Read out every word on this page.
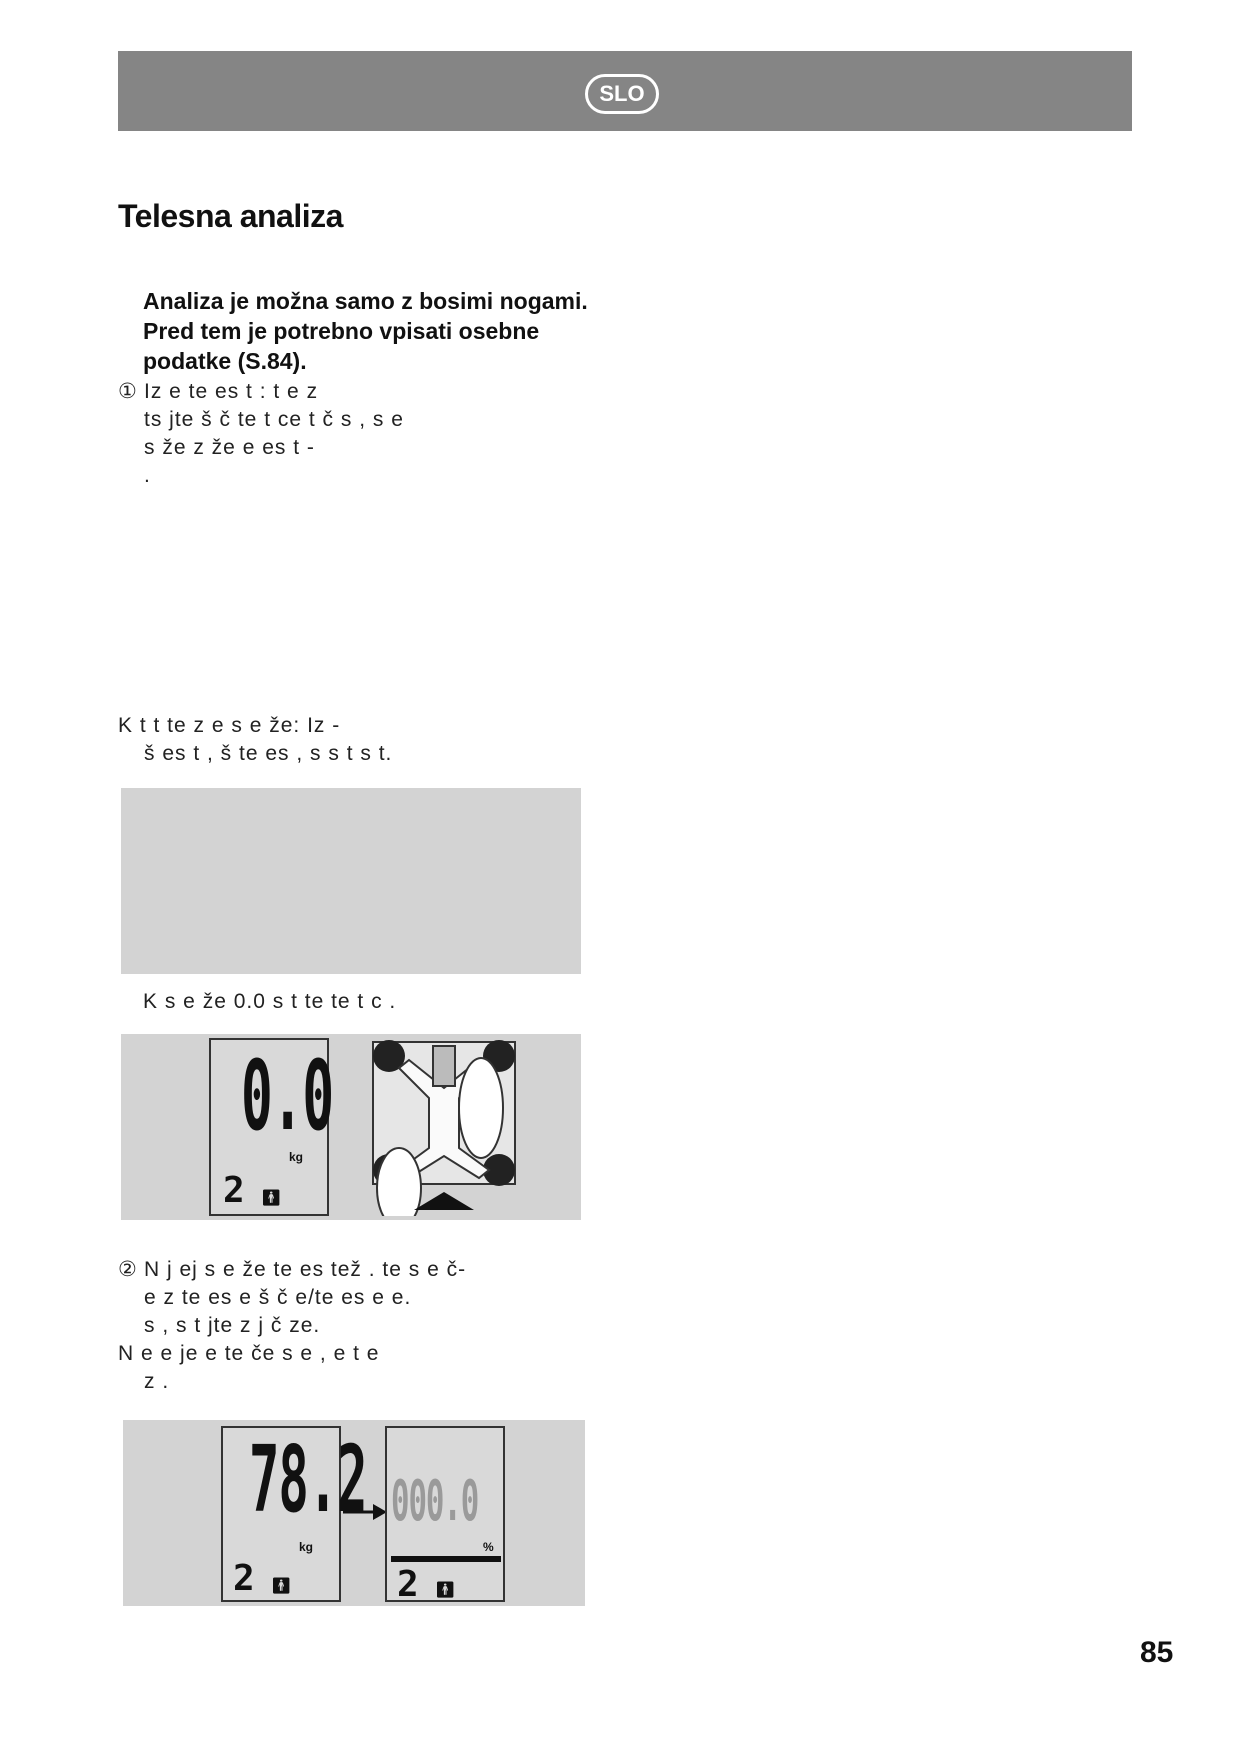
SLO
Telesna analiza
Analiza je možna samo z bosimi nogami. Pred tem je potrebno vpisati osebne podatke (S.84).
① Iz e te es t : t e z
ts jte š č te t ce t č s , s e
s že z že e es t -
.
K t t te z e s e že: Iz -
š es t , š te es , s s t s t.
K s e že 0.0 s t te te t c .
0.0
kg
2 🚹︎
② N j ej s e že te es tež . te s e č-
e z te es e š č e/te es e e.
s , s t jte z j č ze.
N e e je e te če s e , e t e
z .
78.2
kg
2 🚹︎
000.0
%
2 🚹︎
85
